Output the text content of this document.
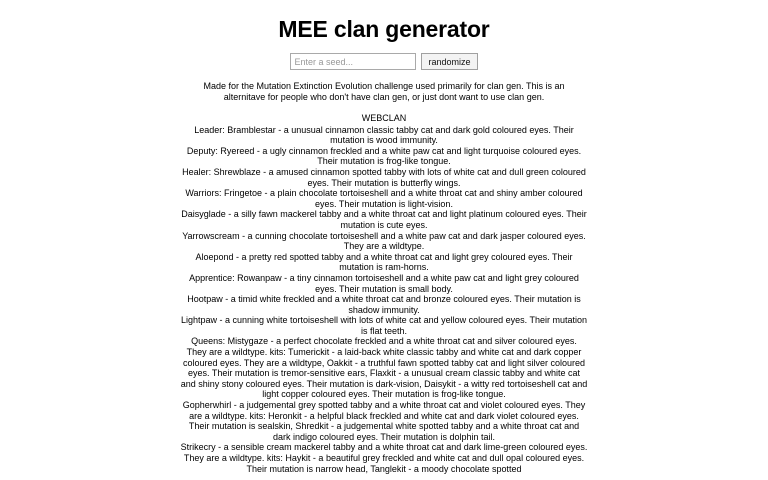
MEE clan generator
Enter a seed... randomize
Made for the Mutation Extinction Evolution challenge used primarily for clan gen. This is an alternitave for people who don't have clan gen, or just dont want to use clan gen.
WEBCLAN
Leader: Bramblestar - a unusual cinnamon classic tabby cat and dark gold coloured eyes. Their mutation is wood immunity.
Deputy: Ryereed - a ugly cinnamon freckled and a white paw cat and light turquoise coloured eyes. Their mutation is frog-like tongue.
Healer: Shrewblaze - a amused cinnamon spotted tabby with lots of white cat and dull green coloured eyes. Their mutation is butterfly wings.
Warriors: Fringetoe - a plain chocolate tortoiseshell and a white throat cat and shiny amber coloured eyes. Their mutation is light-vision.
Daisyglade - a silly fawn mackerel tabby and a white throat cat and light platinum coloured eyes. Their mutation is cute eyes.
Yarrowscream - a cunning chocolate tortoiseshell and a white paw cat and dark jasper coloured eyes. They are a wildtype.
Aloepond - a pretty red spotted tabby and a white throat cat and light grey coloured eyes. Their mutation is ram-horns.
Apprentice: Rowanpaw - a tiny cinnamon tortoiseshell and a white paw cat and light grey coloured eyes. Their mutation is small body.
Hootpaw - a timid white freckled and a white throat cat and bronze coloured eyes. Their mutation is shadow immunity.
Lightpaw - a cunning white tortoiseshell with lots of white cat and yellow coloured eyes. Their mutation is flat teeth.
Queens: Mistygaze - a perfect chocolate freckled and a white throat cat and silver coloured eyes. They are a wildtype. kits: Tumerickit - a laid-back white classic tabby and white cat and dark copper coloured eyes. They are a wildtype, Oakkit - a truthful fawn spotted tabby cat and light silver coloured eyes. Their mutation is tremor-sensitive ears, Flaxkit - a unusual cream classic tabby and white cat and shiny stony coloured eyes. Their mutation is dark-vision, Daisykit - a witty red tortoiseshell cat and light copper coloured eyes. Their mutation is frog-like tongue.
Gopherwhirl - a judgemental grey spotted tabby and a white throat cat and violet coloured eyes. They are a wildtype. kits: Heronkit - a helpful black freckled and white cat and dark violet coloured eyes. Their mutation is sealskin, Shredkit - a judgemental white spotted tabby and a white throat cat and dark indigo coloured eyes. Their mutation is dolphin tail.
Strikecry - a sensible cream mackerel tabby and a white throat cat and dark lime-green coloured eyes. They are a wildtype. kits: Haykit - a beautiful grey freckled and white cat and dull opal coloured eyes. Their mutation is narrow head, Tanglekit - a moody chocolate spotted
